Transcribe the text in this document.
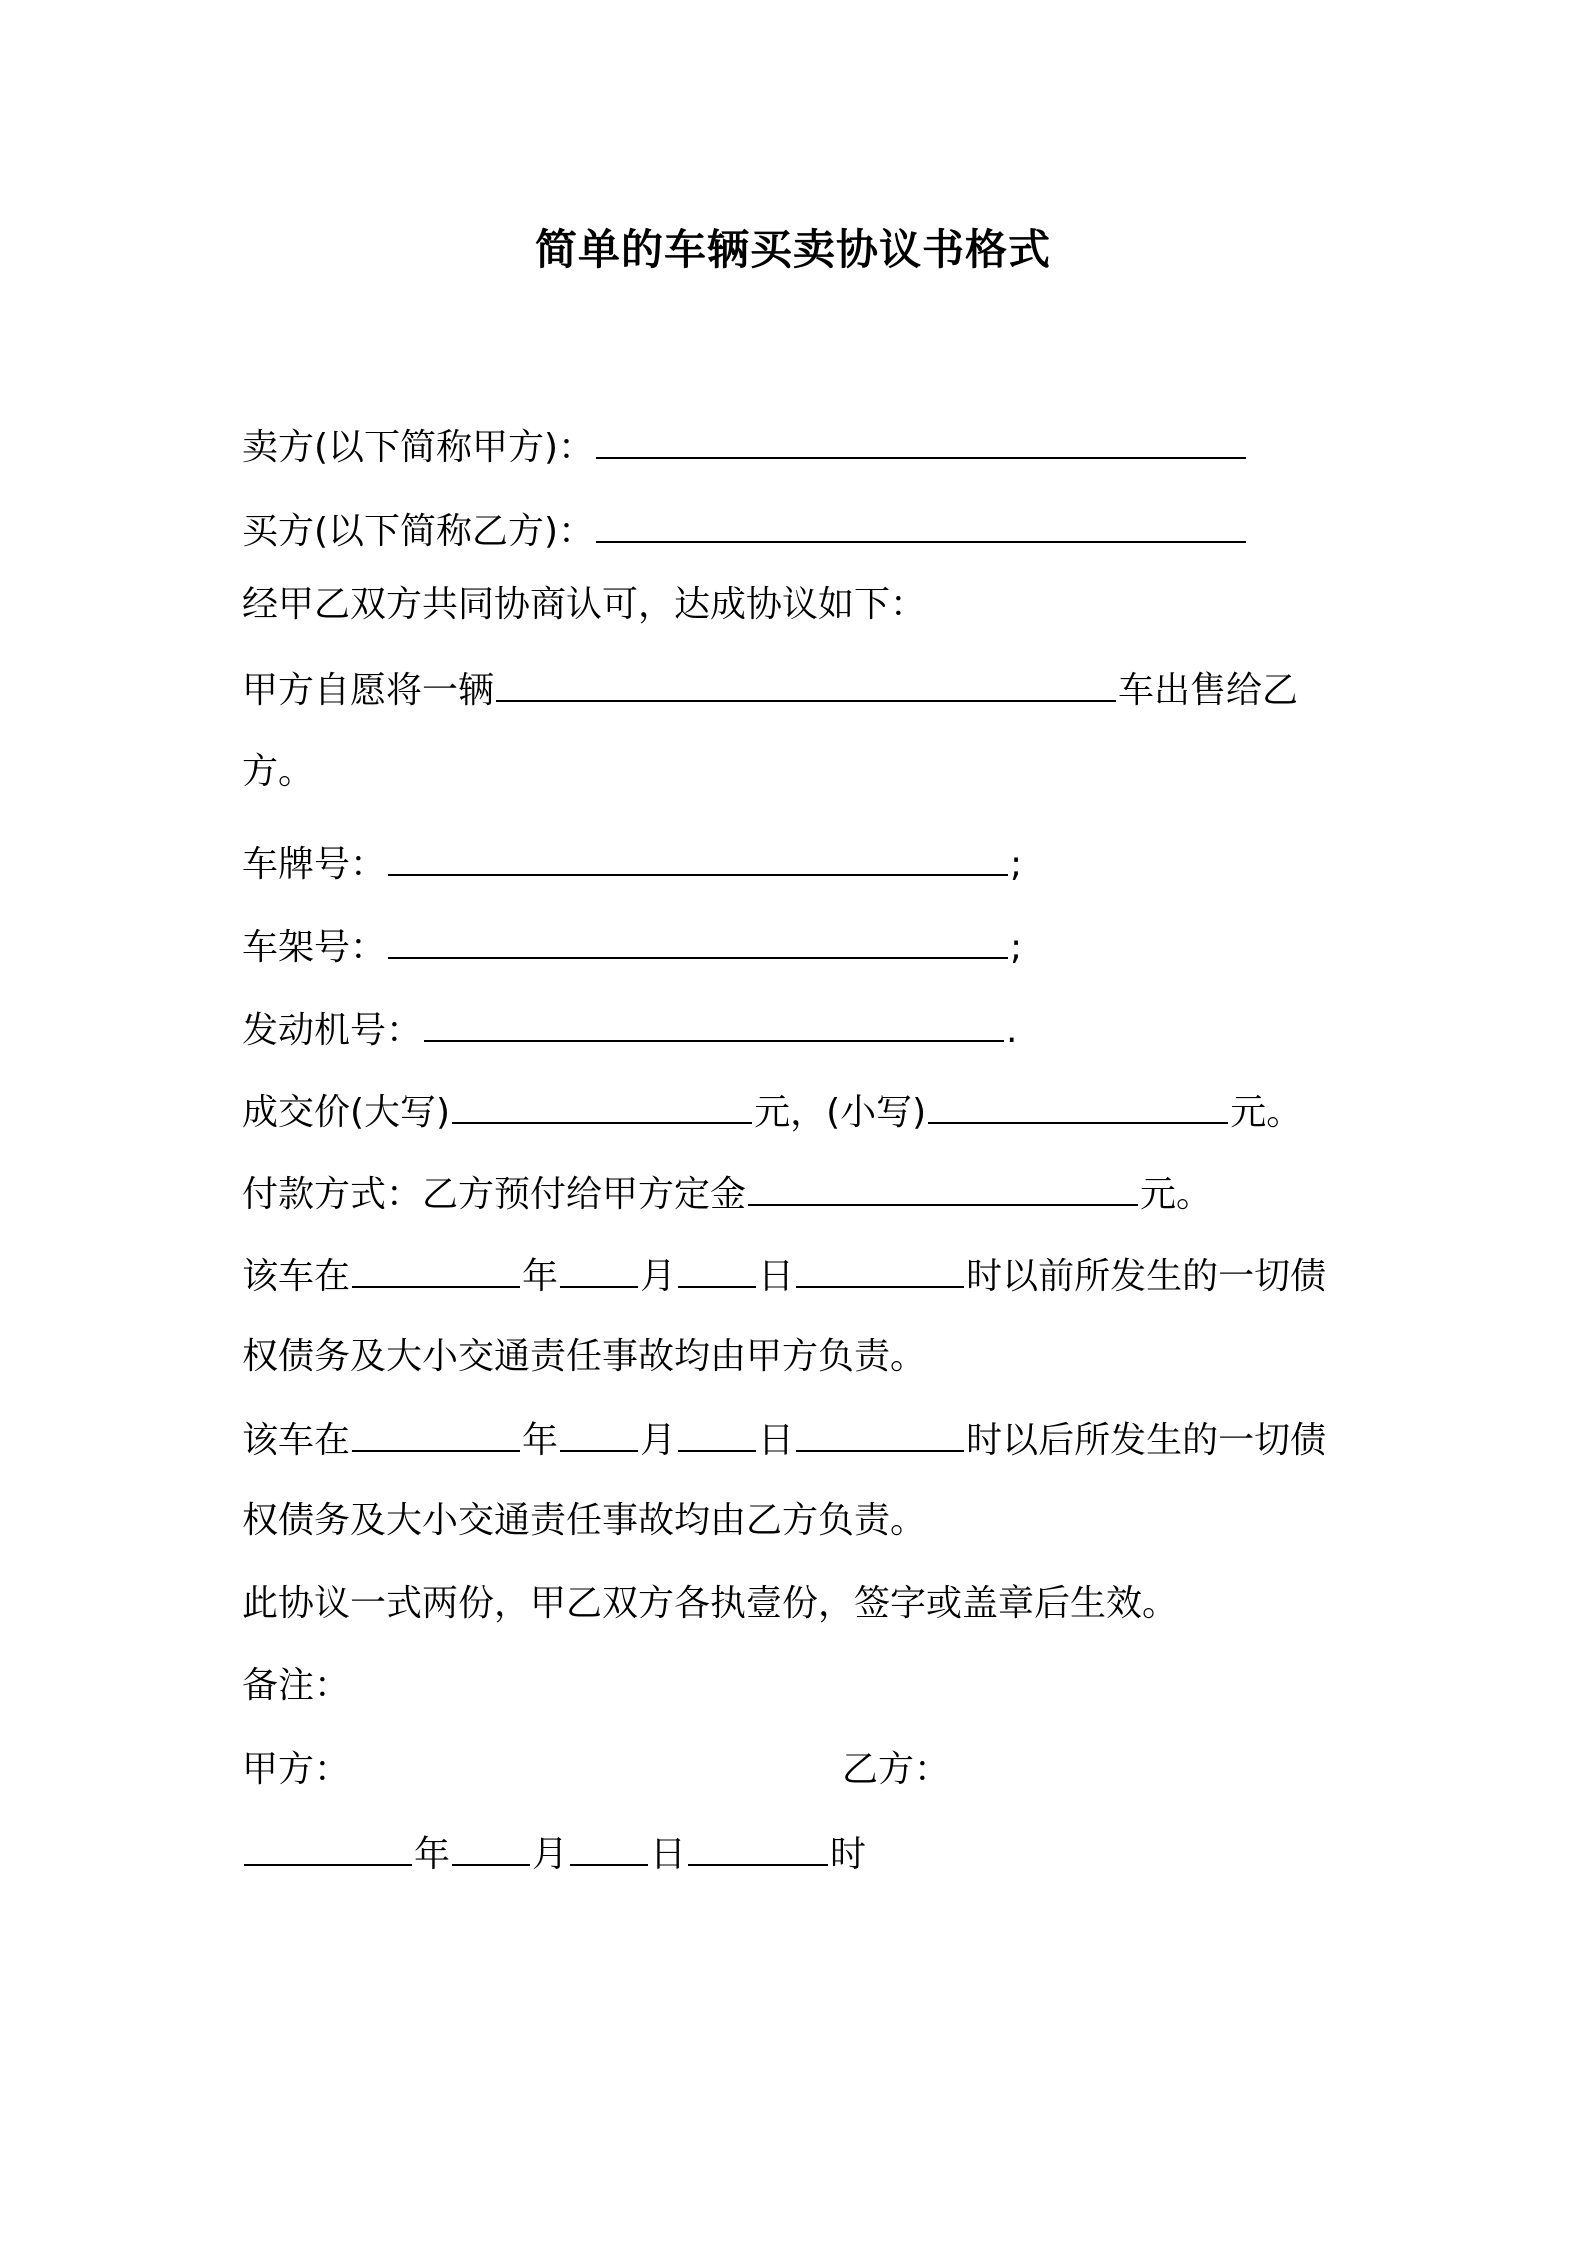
简单的车辆买卖协议书格式
卖方(以下简称甲方)：
买方(以下简称乙方)：
经甲乙双方共同协商认可，达成协议如下：
甲方自愿将一辆	车出售给乙
方。
车牌号：	;
车架号：	;
发动机号：	.
成交价(大写)	元，(小写)	元。
付款方式：乙方预付给甲方定金	元。
该车在	年 月 日	时以前所发生的一切债
权债务及大小交通责任事故均由甲方负责。
该车在	年 月 日	时以后所发生的一切债
权债务及大小交通责任事故均由乙方负责。
此协议一式两份，甲乙双方各执壹份，签字或盖章后生效。
备注：
甲方：	乙方：
年 月 日	时
